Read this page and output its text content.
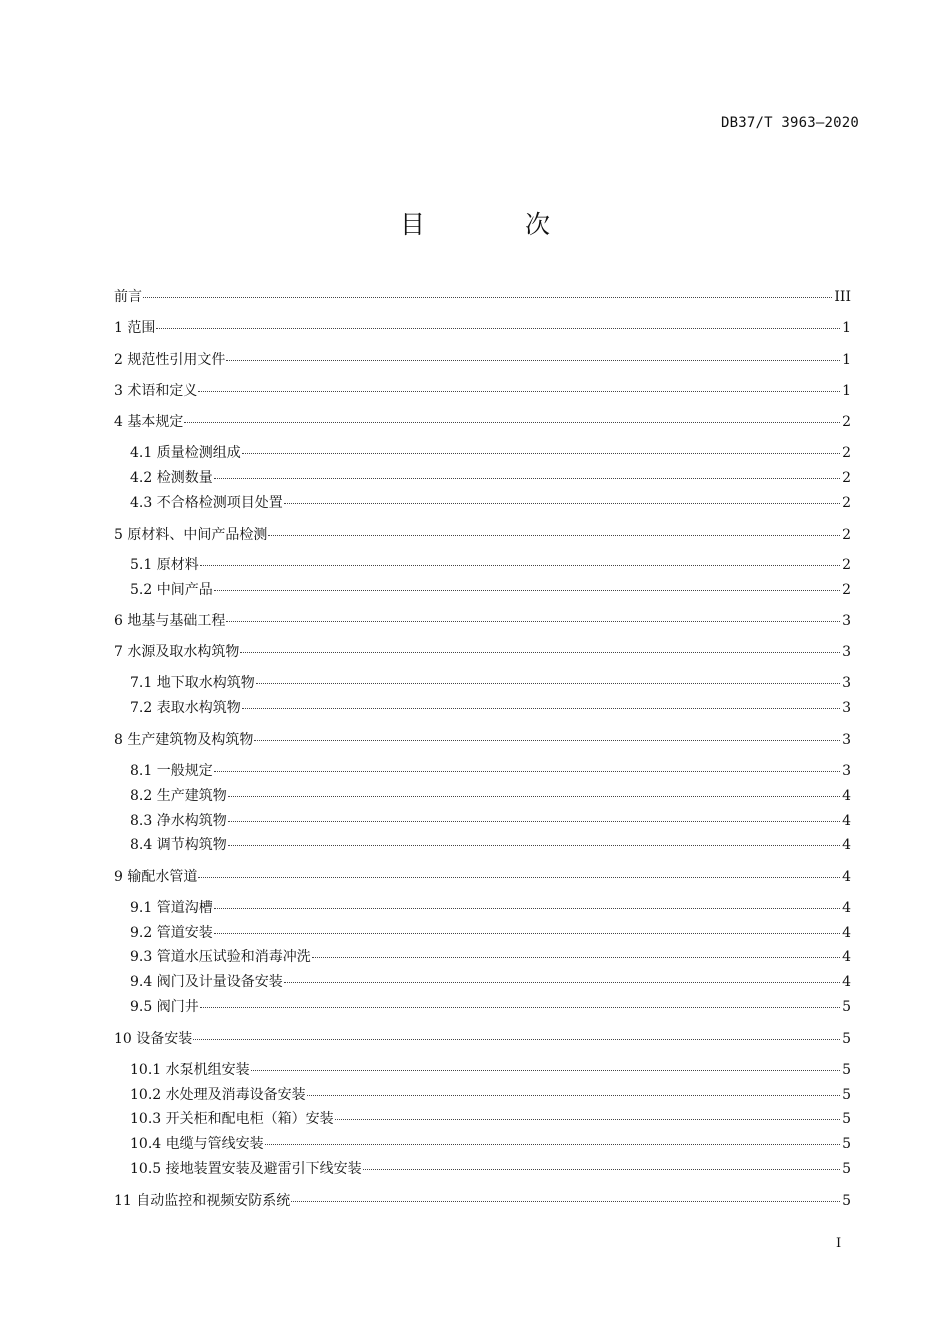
DB37/T 3963—2020
目 次
前言	III
1 范围	1
2 规范性引用文件	1
3 术语和定义	1
4 基本规定	2
4.1 质量检测组成	2
4.2 检测数量	2
4.3 不合格检测项目处置	2
5 原材料、中间产品检测	2
5.1 原材料	2
5.2 中间产品	2
6 地基与基础工程	3
7 水源及取水构筑物	3
7.1 地下取水构筑物	3
7.2 表取水构筑物	3
8 生产建筑物及构筑物	3
8.1 一般规定	3
8.2 生产建筑物	4
8.3 净水构筑物	4
8.4 调节构筑物	4
9 输配水管道	4
9.1 管道沟槽	4
9.2 管道安装	4
9.3 管道水压试验和消毒冲洗	4
9.4 阀门及计量设备安装	4
9.5 阀门井	5
10 设备安装	5
10.1 水泵机组安装	5
10.2 水处理及消毒设备安装	5
10.3 开关柜和配电柜（箱）安装	5
10.4 电缆与管线安装	5
10.5 接地装置安装及避雷引下线安装	5
11 自动监控和视频安防系统	5
I
